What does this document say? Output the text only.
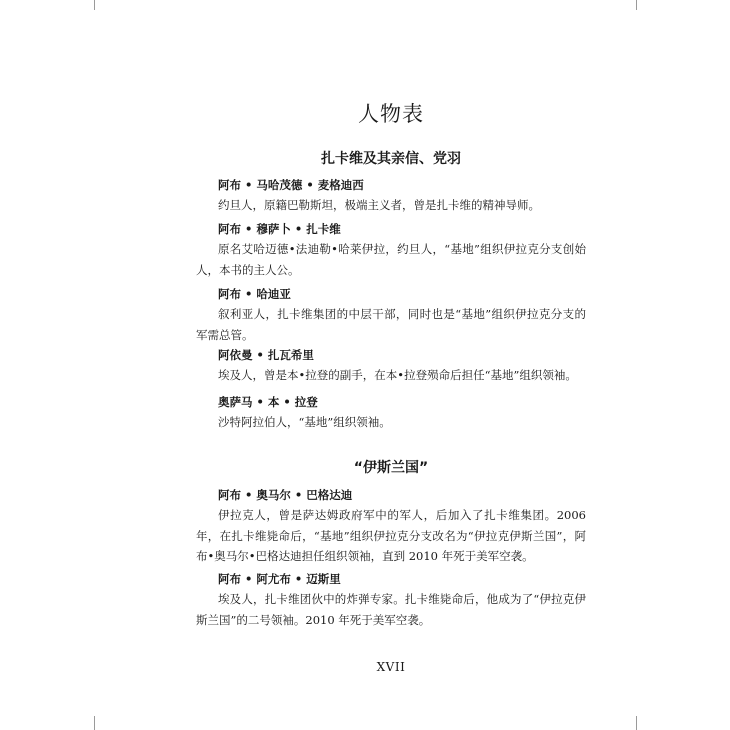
人物表
扎卡维及其亲信、党羽

阿布 • 马哈茂德 • 麦格迪西

约旦人，原籍巴勒斯坦，极端主义者，曾是扎卡维的精神导师。

阿布 • 穆萨卜 • 扎卡维

原名艾哈迈德•法迪勒•哈莱伊拉，约旦人，“基地”组织伊拉克分支创始人，本书的主人公。

阿布 • 哈迪亚

叙利亚人，扎卡维集团的中层干部，同时也是“基地”组织伊拉克分支的军需总管。

阿依曼 • 扎瓦希里

埃及人，曾是本•拉登的副手，在本•拉登殒命后担任“基地”组织领袖。

奥萨马 • 本 • 拉登

沙特阿拉伯人，“基地”组织领袖。

“伊斯兰国”

阿布 • 奥马尔 • 巴格达迪

伊拉克人，曾是萨达姆政府军中的军人，后加入了扎卡维集团。2006 年，在扎卡维毙命后，“基地”组织伊拉克分支改名为“伊拉克伊斯兰国”，阿布•奥马尔•巴格达迪担任组织领袖，直到 2010 年死于美军空袭。

阿布 • 阿尤布 • 迈斯里

埃及人，扎卡维团伙中的炸弹专家。扎卡维毙命后，他成为了“伊拉克伊斯兰国”的二号领袖。2010 年死于美军空袭。

XVII
